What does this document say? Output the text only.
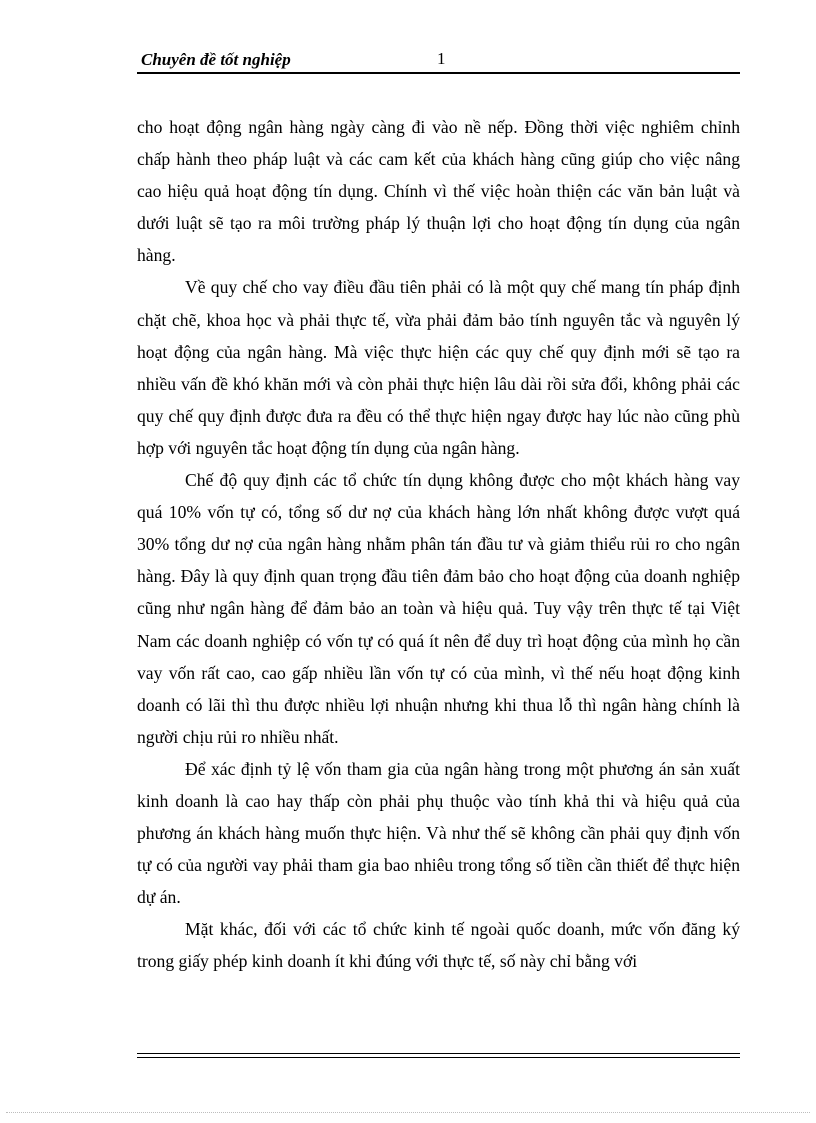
Chuyên đề tốt nghiệp	1

cho hoạt động ngân hàng ngày càng đi vào nề nếp. Đồng thời việc nghiêm chỉnh chấp hành theo pháp luật và các cam kết của khách hàng cũng giúp cho việc nâng cao hiệu quả hoạt động tín dụng. Chính vì thế việc hoàn thiện các văn bản luật và dưới luật sẽ tạo ra môi trường pháp lý thuận lợi cho hoạt động tín dụng của ngân hàng.

Về quy chế cho vay điều đầu tiên phải có là một quy chế mang tín pháp định chặt chẽ, khoa học và phải thực tế, vừa phải đảm bảo tính nguyên tắc và nguyên lý hoạt động của ngân hàng. Mà việc thực hiện các quy chế quy định mới sẽ tạo ra nhiều vấn đề khó khăn mới và còn phải thực hiện lâu dài rồi sửa đổi, không phải các quy chế quy định được đưa ra đều có thể thực hiện ngay được hay lúc nào cũng phù hợp với nguyên tắc hoạt động tín dụng của ngân hàng.

Chế độ quy định các tổ chức tín dụng không được cho một khách hàng vay quá 10% vốn tự có, tổng số dư nợ của khách hàng lớn nhất không được vượt quá 30% tổng dư nợ của ngân hàng nhằm phân tán đầu tư và giảm thiểu rủi ro cho ngân hàng. Đây là quy định quan trọng đầu tiên đảm bảo cho hoạt động của doanh nghiệp cũng như ngân hàng để đảm bảo an toàn và hiệu quả. Tuy vậy trên thực tế tại Việt Nam các doanh nghiệp có vốn tự có quá ít nên để duy trì hoạt động của mình họ cần vay vốn rất cao, cao gấp nhiều lần vốn tự có của mình, vì thế nếu hoạt động kinh doanh có lãi thì thu được nhiều lợi nhuận nhưng khi thua lỗ thì ngân hàng chính là người chịu rủi ro nhiều nhất.

Để xác định tỷ lệ vốn tham gia của ngân hàng trong một phương án sản xuất kinh doanh là cao hay thấp còn phải phụ thuộc vào tính khả thi và hiệu quả của phương án khách hàng muốn thực hiện. Và như thế sẽ không cần phải quy định vốn tự có của người vay phải tham gia bao nhiêu trong tổng số tiền cần thiết để thực hiện dự án.

Mặt khác, đối với các tổ chức kinh tế ngoài quốc doanh, mức vốn đăng ký trong giấy phép kinh doanh ít khi đúng với thực tế, số này chỉ bằng với
